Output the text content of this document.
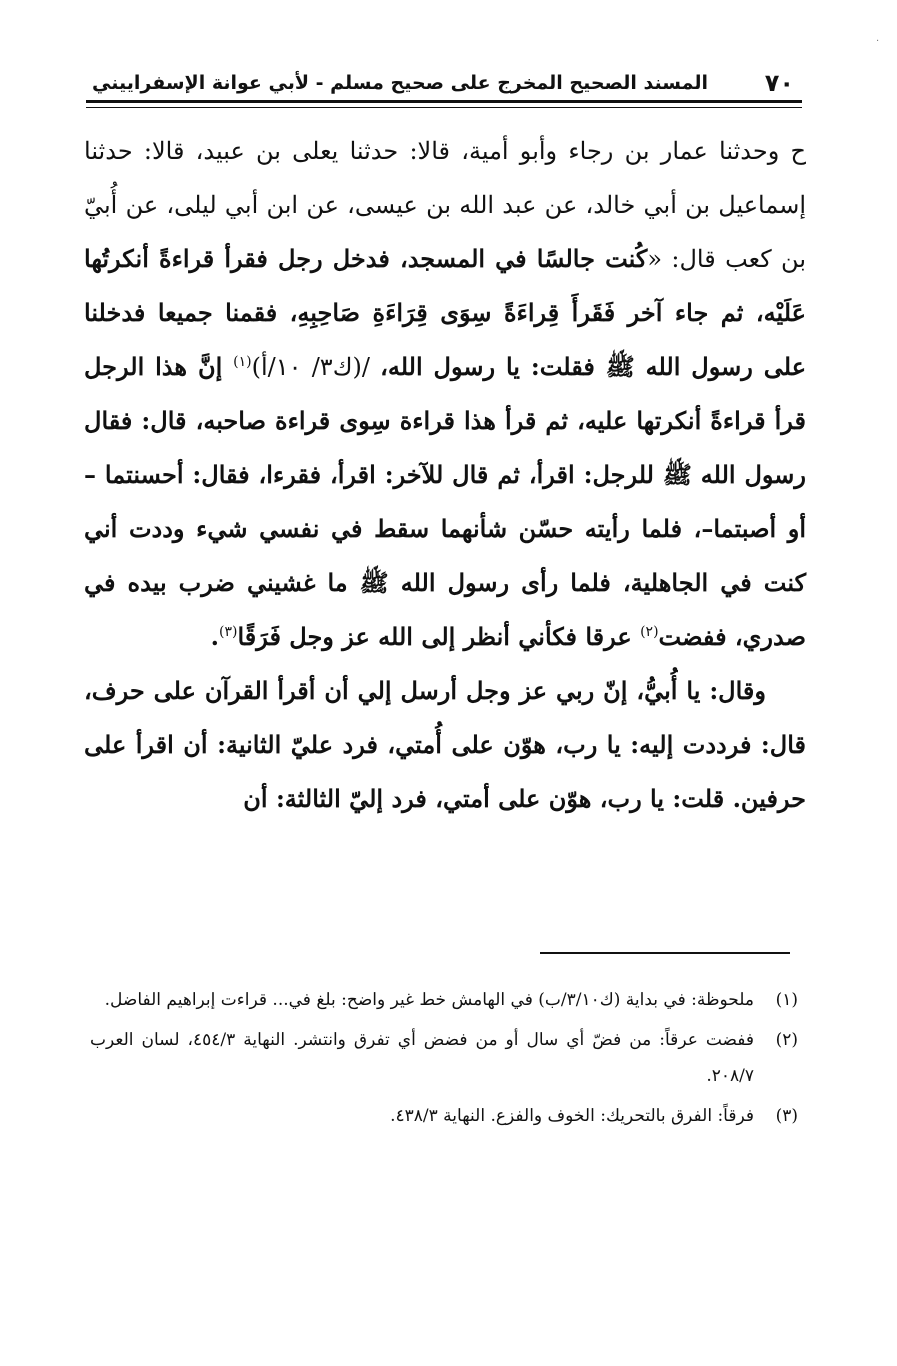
·
٧٠
المسند الصحيح المخرج على صحيح مسلم - لأبي عوانة الإسفراييني

ح وحدثنا عمار بن رجاء وأبو أمية، قالا: حدثنا يعلى بن عبيد، قالا: حدثنا إسماعيل بن أبي خالد، عن عبد الله بن عيسى، عن ابن أبي ليلى، عن أُبيّ بن كعب قال: «كُنت جالسًا في المسجد، فدخل رجل فقرأ قراءةً أنكرتُها عَلَيْه، ثم جاء آخر فَقَرأَ قِراءَةً سِوَى قِرَاءَةِ صَاحِبِهِ، فقمنا جميعا فدخلنا على رسول الله ﷺ فقلت: يا رسول الله، /(ك٣/ ١٠/أ)$^{(١)}$ إنَّ هذا الرجل قرأ قراءةً أنكرتها عليه، ثم قرأ هذا قراءة سِوى قراءة صاحبه، قال: فقال رسول الله ﷺ للرجل: اقرأ، ثم قال للآخر: اقرأ، فقرءا، فقال: أحسنتما –أو أصبتما–، فلما رأيته حسّن شأنهما سقط في نفسي شيء وددت أني كنت في الجاهلية، فلما رأى رسول الله ﷺ ما غشيني ضرب بيده في صدري، ففضت$^{(٢)}$ عرقا فكأني أنظر إلى الله عز وجل فَرَقًا$^{(٣)}$.

وقال: يا أُبيُّ، إنّ ربي عز وجل أرسل إلي أن أقرأ القرآن على حرف، قال: فرددت إليه: يا رب، هوّن على أُمتي، فرد عليّ الثانية: أن اقرأ على حرفين. قلت: يا رب، هوّن على أمتي، فرد إليّ الثالثة: أن

(١)
ملحوظة: في بداية (ك٣/١٠/ب) في الهامش خط غير واضح: بلغ في... قراءت إبراهيم الفاضل.
(٢)
ففضت عرقاً: من فضّ أي سال أو من فضض أي تفرق وانتشر. النهاية ٤٥٤/٣، لسان العرب ٢٠٨/٧.
(٣)
فرقاً: الفرق بالتحريك: الخوف والفزع. النهاية ٤٣٨/٣.
